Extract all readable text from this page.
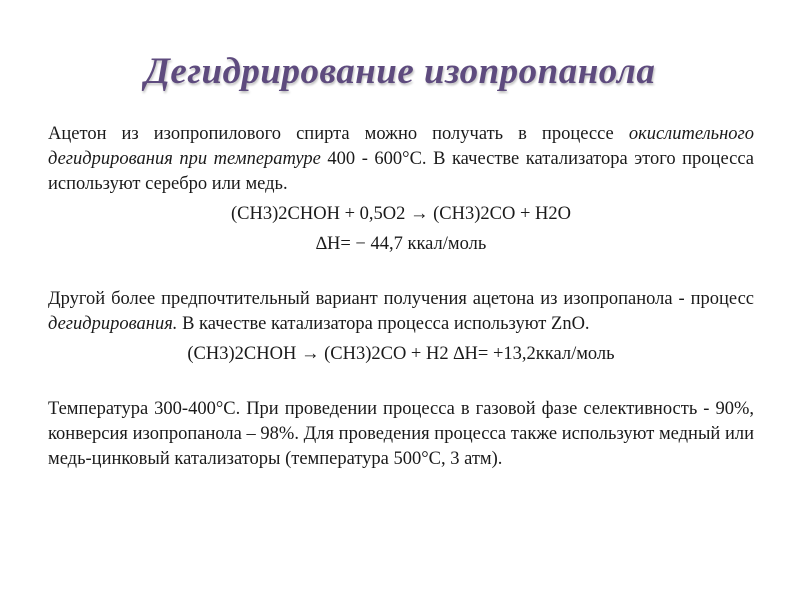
Дегидрирование изопропанола

Ацетон из изопропилового спирта можно получать в процессе окислительного дегидрирования при температуре 400 - 600°С. В качестве катализатора этого процесса используют серебро или медь.

(CH3)2CHOH + 0,5O2 → (CH3)2CO + H2O

∆H= − 44,7 ккал/моль

Другой более предпочтительный вариант получения ацетона из изопропанола - процесс дегидрирования. В качестве катализатора процесса используют ZnO.

(CH3)2CHOH → (CH3)2CO + H2 ∆H= +13,2ккал/моль

Температура 300-400°С. При проведении процесса в газовой фазе селективность - 90%, конверсия изопропанола – 98%. Для проведения процесса также используют медный или медь-цинковый катализаторы (температура 500°С, 3 атм).
